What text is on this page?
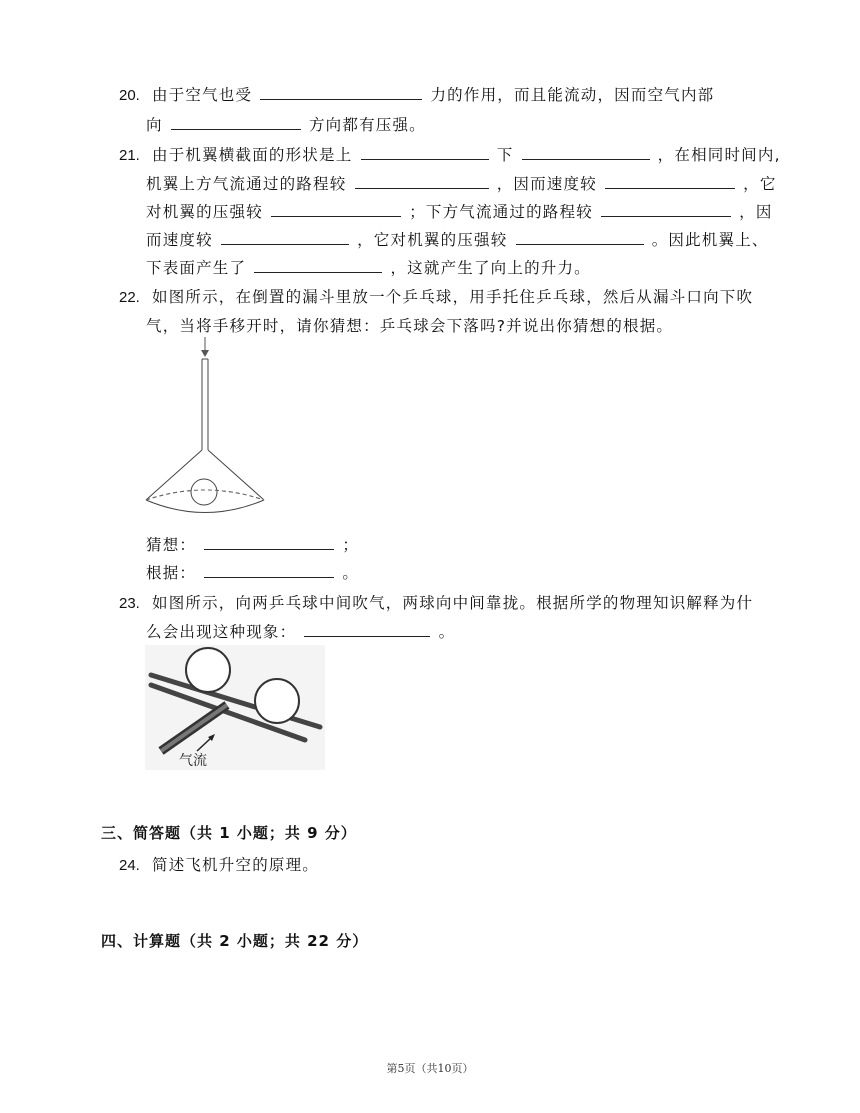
20. 由于空气也受	力的作用，而且能流动，因而空气内部
向	方向都有压强。
21. 由于机翼横截面的形状是上	下	，在相同时间内,
机翼上方气流通过的路程较	，因而速度较	，它
对机翼的压强较	；下方气流通过的路程较	，因
而速度较	，它对机翼的压强较	。因此机翼上、
下表面产生了	，这就产生了向上的升力。
22. 如图所示，在倒置的漏斗里放一个乒乓球，用手托住乒乓球，然后从漏斗口向下吹
气，当将手移开时，请你猜想：乒乓球会下落吗?并说出你猜想的根据。
猜想：	；
根据：	。
23. 如图所示，向两乒乓球中间吹气，两球向中间靠拢。根据所学的物理知识解释为什
么会出现这种现象：	。
气流
三、简答题（共 1 小题；共 9 分）
24. 简述飞机升空的原理。
四、计算题（共 2 小题；共 22 分）
第5页（共10页）
